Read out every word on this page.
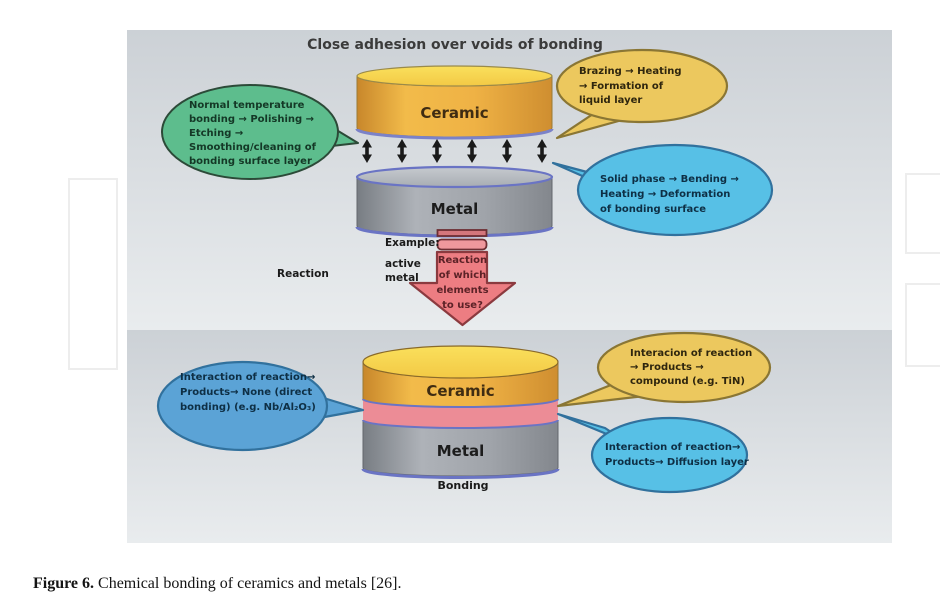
Close adhesion over voids of bonding
Normal temperature
bonding → Polishing →
Etching →
Smoothing/cleaning of
bonding surface layer
Ceramic
Metal
Brazing → Heating
→ Formation of
liquid layer
Solid phase → Bending →
Heating → Deformation
of bonding surface
Example:
active
metal
Reaction
Reaction
of which
elements
to use?
Ceramic
Metal
Bonding
Interaction of reaction→
Products→ None (direct
bonding) (e.g. Nb/Al₂O₃)
Interacion of reaction
→ Products →
compound (e.g. TiN)
Interaction of reaction→
Products→ Diffusion layer
Figure 6. Chemical bonding of ceramics and metals [26].
